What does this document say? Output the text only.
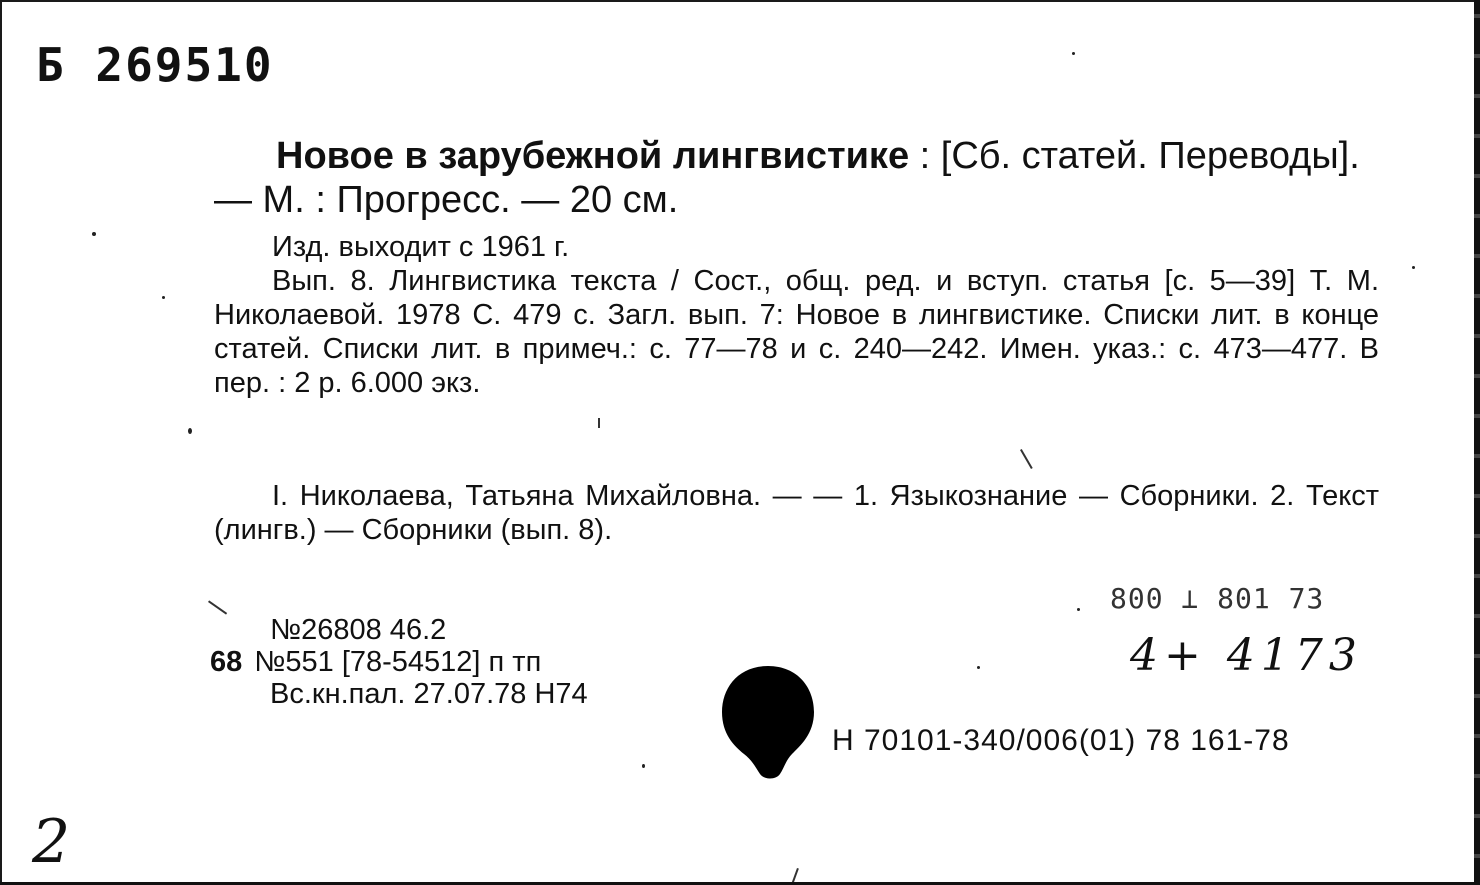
Б 269510
Новое в зарубежной лингвистике : [Сб. статей. Переводы]. — М. : Прогресс. — 20 см.
Изд. выходит с 1961 г.
Вып. 8. Лингвистика текста / Сост., общ. ред. и вступ. статья [с. 5—39] Т. М. Николаевой. 1978 С. 479 с. Загл. вып. 7: Новое в лингвистике. Списки лит. в конце статей. Списки лит. в примеч.: с. 77—78 и с. 240—242. Имен. указ.: с. 473—477. В пер. : 2 р. 6.000 экз.
I. Николаева, Татьяна Михайловна. — — 1. Языкознание — Сборники. 2. Текст (лингв.) — Сборники (вып. 8).
№26808 46.2
68 №551 [78-54512] п тп
Вс.кн.пал. 27.07.78 Н74
800 ⊥ 801 73
4+ 4173
Н 70101-340/006(01) 78 161-78
2
